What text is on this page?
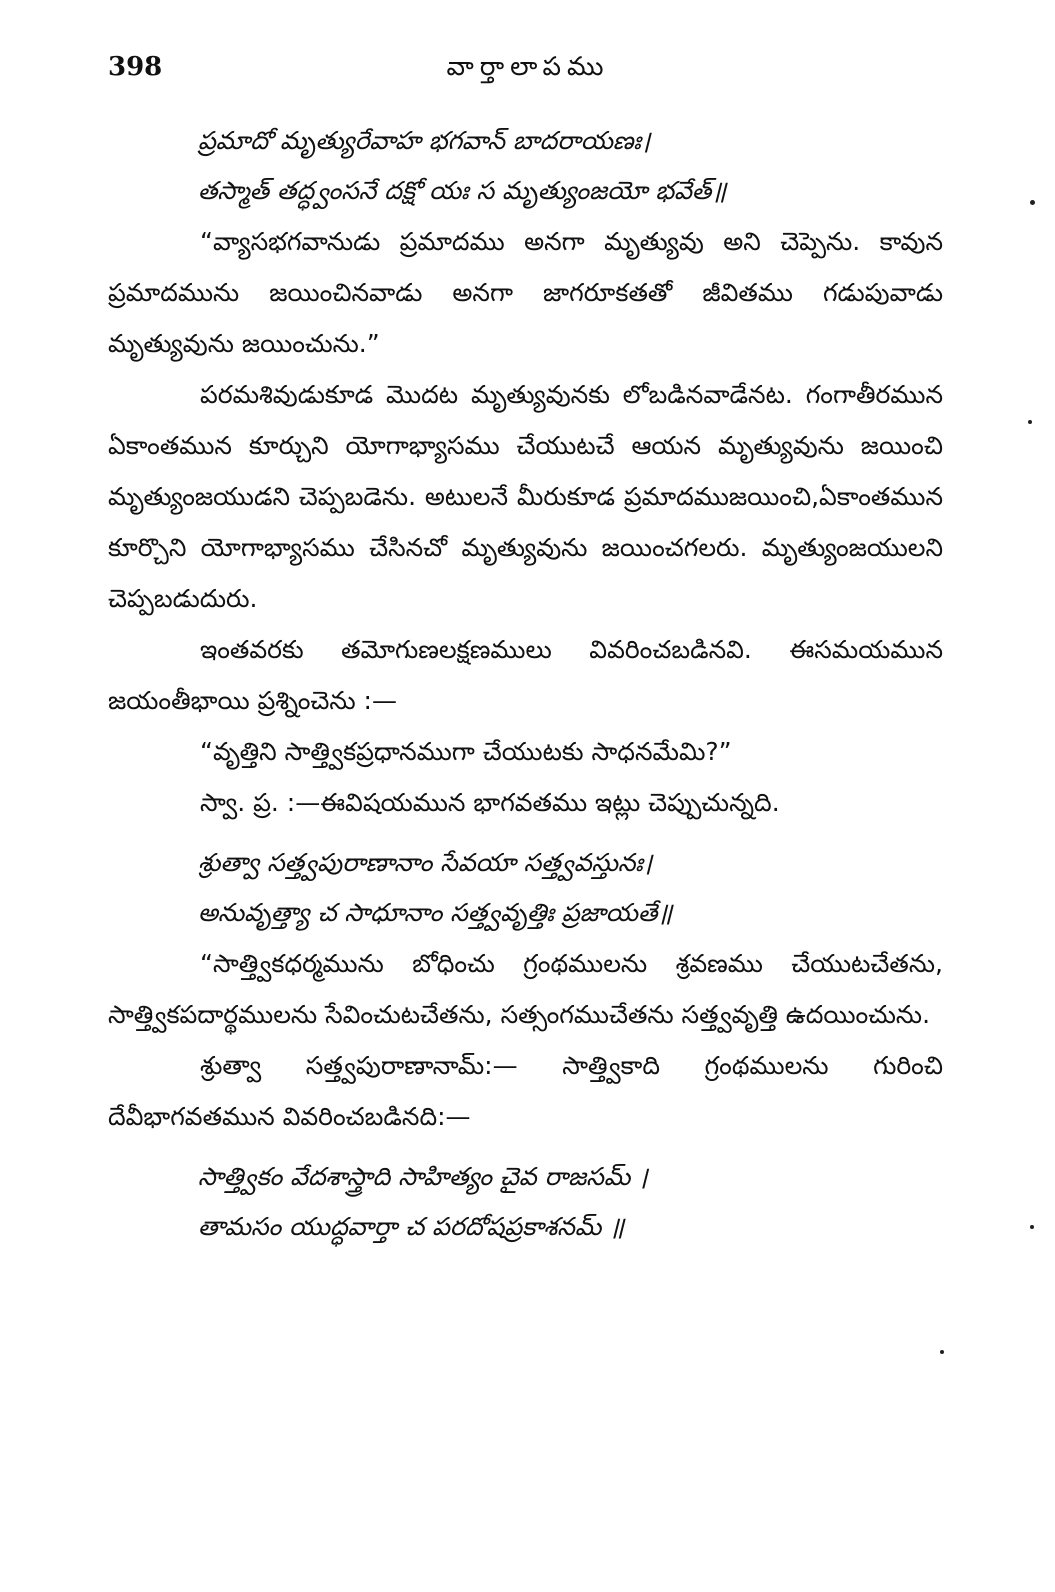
398	వార్తాలాపము
ప్రమాదో మృత్యురేవాహ భగవాన్ బాదరాయణః।
తస్మాత్ తద్ధ్వంసనే దక్షో యః స మృత్యుంజయో భవేత్॥
“వ్యాసభగవానుడు ప్రమాదము అనగా మృత్యువు అని చెప్పెను. కావున ప్రమాదమును జయించినవాడు అనగా జాగరూకతతో జీవితము గడుపువాడు మృత్యువును జయించును.”
పరమశివుడుకూడ మొదట మృత్యువునకు లోబడినవాడేనట. గంగాతీరమున ఏకాంతమున కూర్చుని యోగాభ్యాసము చేయుటచే ఆయన మృత్యువును జయించి మృత్యుంజయుడని చెప్పబడెను. అటులనే మీరుకూడ ప్రమాదముజయించి,ఏకాంతమున కూర్చొని యోగాభ్యాసము చేసినచో మృత్యువును జయించగలరు. మృత్యుంజయులని చెప్పబడుదురు.
ఇంతవరకు తమోగుణలక్షణములు వివరించబడినవి. ఈసమయమున జయంతీభాయి ప్రశ్నించెను :—
“వృత్తిని సాత్త్వికప్రధానముగా చేయుటకు సాధనమేమి?”
స్వా. ప్ర. :—ఈవిషయమున భాగవతము ఇట్లు చెప్పుచున్నది.
శ్రుత్వా సత్త్వపురాణానాం సేవయా సత్త్వవస్తునః।
అనువృత్త్యా చ సాధూనాం సత్త్వవృత్తిః ప్రజాయతే॥
“సాత్త్వికధర్మమును బోధించు గ్రంథములను శ్రవణము చేయుటచేతను, సాత్త్వికపదార్థములను సేవించుటచేతను, సత్సంగముచేతను సత్త్వవృత్తి ఉదయించును.
శ్రుత్వా సత్త్వపురాణానామ్:— సాత్త్వికాది గ్రంథములను గురించి దేవీభాగవతమున వివరించబడినది:—
సాత్త్వికం వేదశాస్త్రాది సాహిత్యం చైవ రాజసమ్ ।
తామసం యుద్ధవార్తా చ పరదోషప్రకాశనమ్ ॥
